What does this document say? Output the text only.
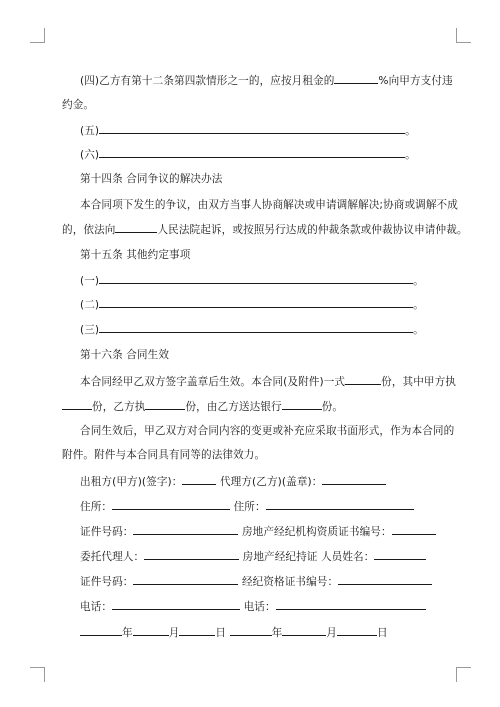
(四)乙方有第十二条第四款情形之一的，应按月租金的	%向甲方支付违
约金。
(五)	。
(六)	。
第十四条 合同争议的解决办法
本合同项下发生的争议，由双方当事人协商解决或申请调解解决;协商或调解不成
的，依法向	人民法院起诉，或按照另行达成的仲裁条款或仲裁协议申请仲裁。
第十五条 其他约定事项
(一)	。
(二)	。
(三)	。
第十六条 合同生效
本合同经甲乙双方签字盖章后生效。本合同(及附件)一式	份，其中甲方执
份，乙方执	份，由乙方送达银行	份。
合同生效后，甲乙双方对合同内容的变更或补充应采取书面形式，作为本合同的
附件。附件与本合同具有同等的法律效力。
出租方(甲方)(签字)：	代理方(乙方)(盖章)：
住所：	住所：
证件号码：	房地产经纪机构资质证书编号：
委托代理人：	房地产经纪持证 人员姓名：
证件号码：	经纪资格证书编号：
电话：	电话：
年	月	日	年	月	日
